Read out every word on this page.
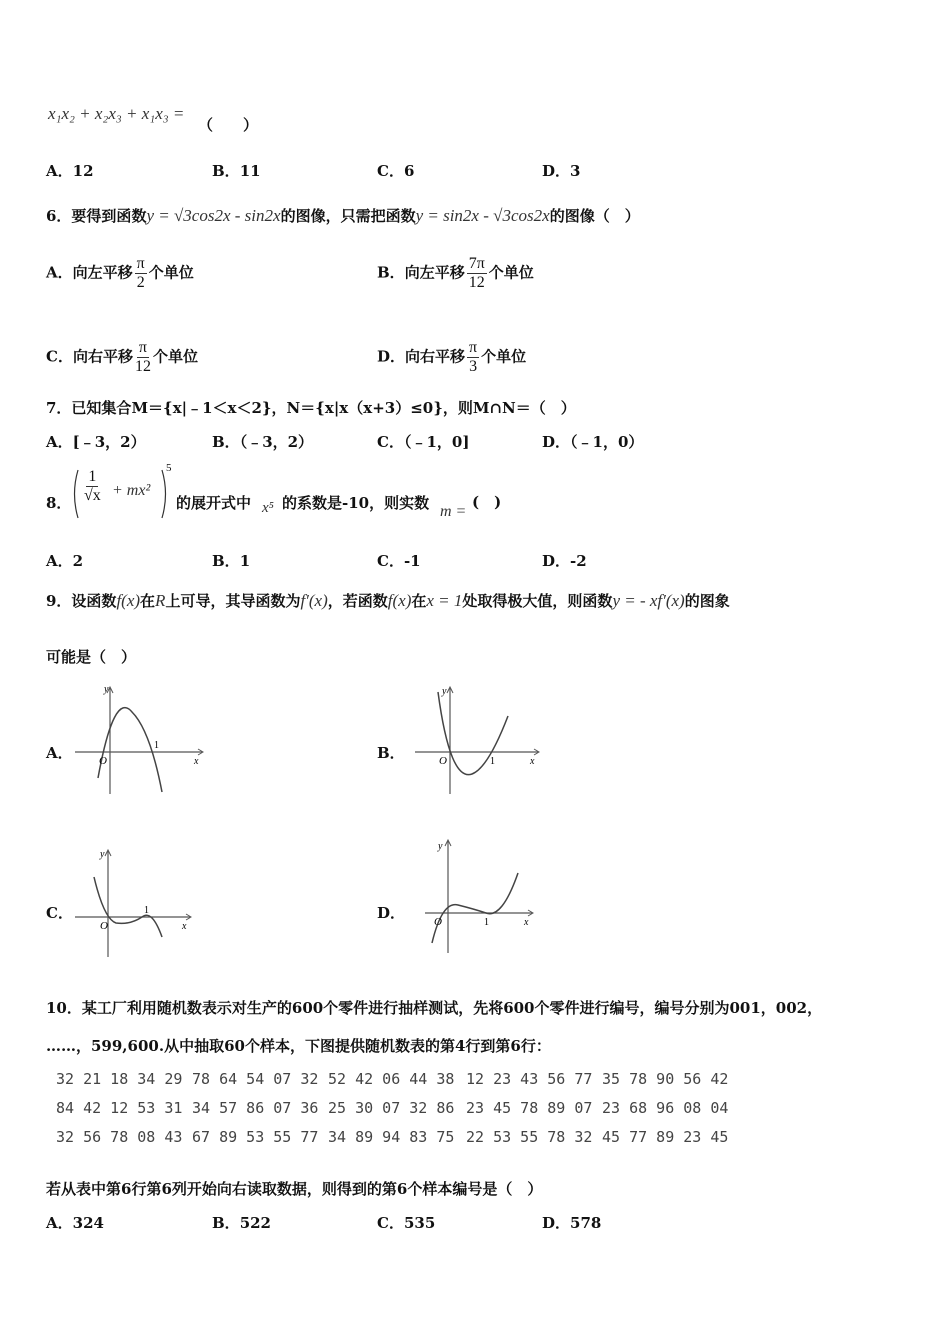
x₁x₂ + x₂x₃ + x₁x₃ =
（　　）
A．12	B．11	C．6	D．3
6．要得到函数y = √3cos2x - sin2x的图像，只需把函数y = sin2x - √3cos2x的图像（　）
A．向左平移 $\frac{\pi}{2}$ 个单位	B．向左平移 $\frac{7\pi}{12}$ 个单位
C．向右平移 $\frac{\pi}{12}$ 个单位	D．向右平移 $\frac{\pi}{3}$ 个单位
7．已知集合M＝{x|﹣1＜x＜2}，N＝{x|x（x+3）≤0}，则M∩N＝（　）
A．[﹣3，2）	B．（﹣3，2）	C．（﹣1，0]	D．（﹣1，0）
8． $\frac{1}{√x} + mx^2$
5
的展开式中 x⁵ 的系数是-10，则实数 m =
(　)
A．2	B．1	C．-1	D．-2
9．设函数f(x)在R上可导，其导函数为f′(x)，若函数f(x)在x = 1处取得极大值，则函数y = - xf′(x)的图象
可能是（　）
A．
y
x
O
1	B．
y
x
O	1
C．
y
x
O
1	D．
y
x
O	1
10．某工厂利用随机数表示对生产的600个零件进行抽样测试，先将600个零件进行编号，编号分别为001，002，
……，599,600.从中抽取60个样本，下图提供随机数表的第4行到第6行：
32 21 18 34 29 78 64 54 07 32 52 42 06 44 38 12 23 43 56 77 35 78 90 56 42
84 42 12 53 31 34 57 86 07 36 25 30 07 32 86 23 45 78 89 07 23 68 96 08 04
32 56 78 08 43 67 89 53 55 77 34 89 94 83 75 22 53 55 78 32 45 77 89 23 45
若从表中第6行第6列开始向右读取数据，则得到的第6个样本编号是（　）
A．324	B．522	C．535	D．578
